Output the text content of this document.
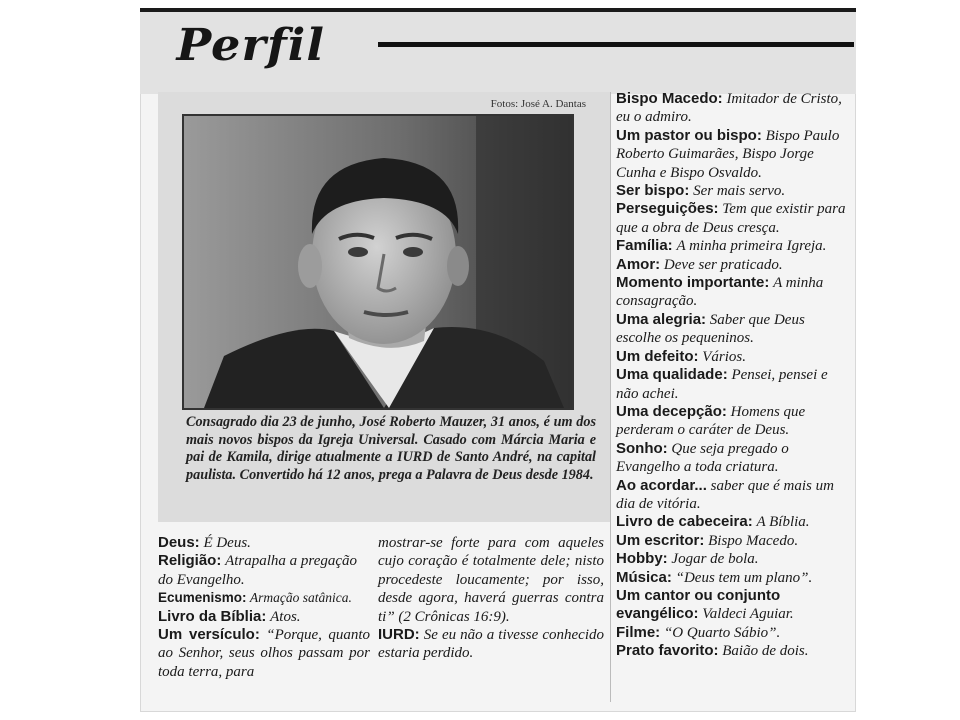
Perfil
Fotos: José A. Dantas
Consagrado dia 23 de junho, José Roberto Mauzer, 31 anos, é um dos mais novos bispos da Igreja Universal. Casado com Márcia Maria e pai de Kamila, dirige atualmente a IURD de Santo André, na capital paulista. Convertido há 12 anos, prega a Palavra de Deus desde 1984.

Bispo Macedo: Imitador de Cristo, eu o admiro.

Um pastor ou bispo: Bispo Paulo Roberto Guimarães, Bispo Jorge Cunha e Bispo Osvaldo.

Ser bispo: Ser mais servo.

Perseguições: Tem que existir para que a obra de Deus cresça.

Família: A minha primeira Igreja.

Amor: Deve ser praticado.

Momento importante: A minha consagração.

Uma alegria: Saber que Deus escolhe os pequeninos.

Um defeito: Vários.

Uma qualidade: Pensei, pensei e não achei.

Uma decepção: Homens que perderam o caráter de Deus.

Sonho: Que seja pregado o Evangelho a toda criatura.

Ao acordar... saber que é mais um dia de vitória.

Livro de cabeceira: A Bíblia.

Um escritor: Bispo Macedo.

Hobby: Jogar de bola.

Música: “Deus tem um plano”.

Um cantor ou conjunto evangélico: Valdeci Aguiar.

Filme: “O Quarto Sábio”.

Prato favorito: Baião de dois.

Deus: É Deus.

Religião: Atrapalha a pregação do Evangelho.

Ecumenismo: Armação satânica.

Livro da Bíblia: Atos.

Um versículo: “Porque, quanto ao Senhor, seus olhos passam por toda terra, para

mostrar-se forte para com aqueles cujo coração é totalmente dele; nisto procedeste loucamente; por isso, desde agora, haverá guerras contra ti” (2 Crônicas 16:9).

IURD: Se eu não a tivesse conhecido estaria perdido.
